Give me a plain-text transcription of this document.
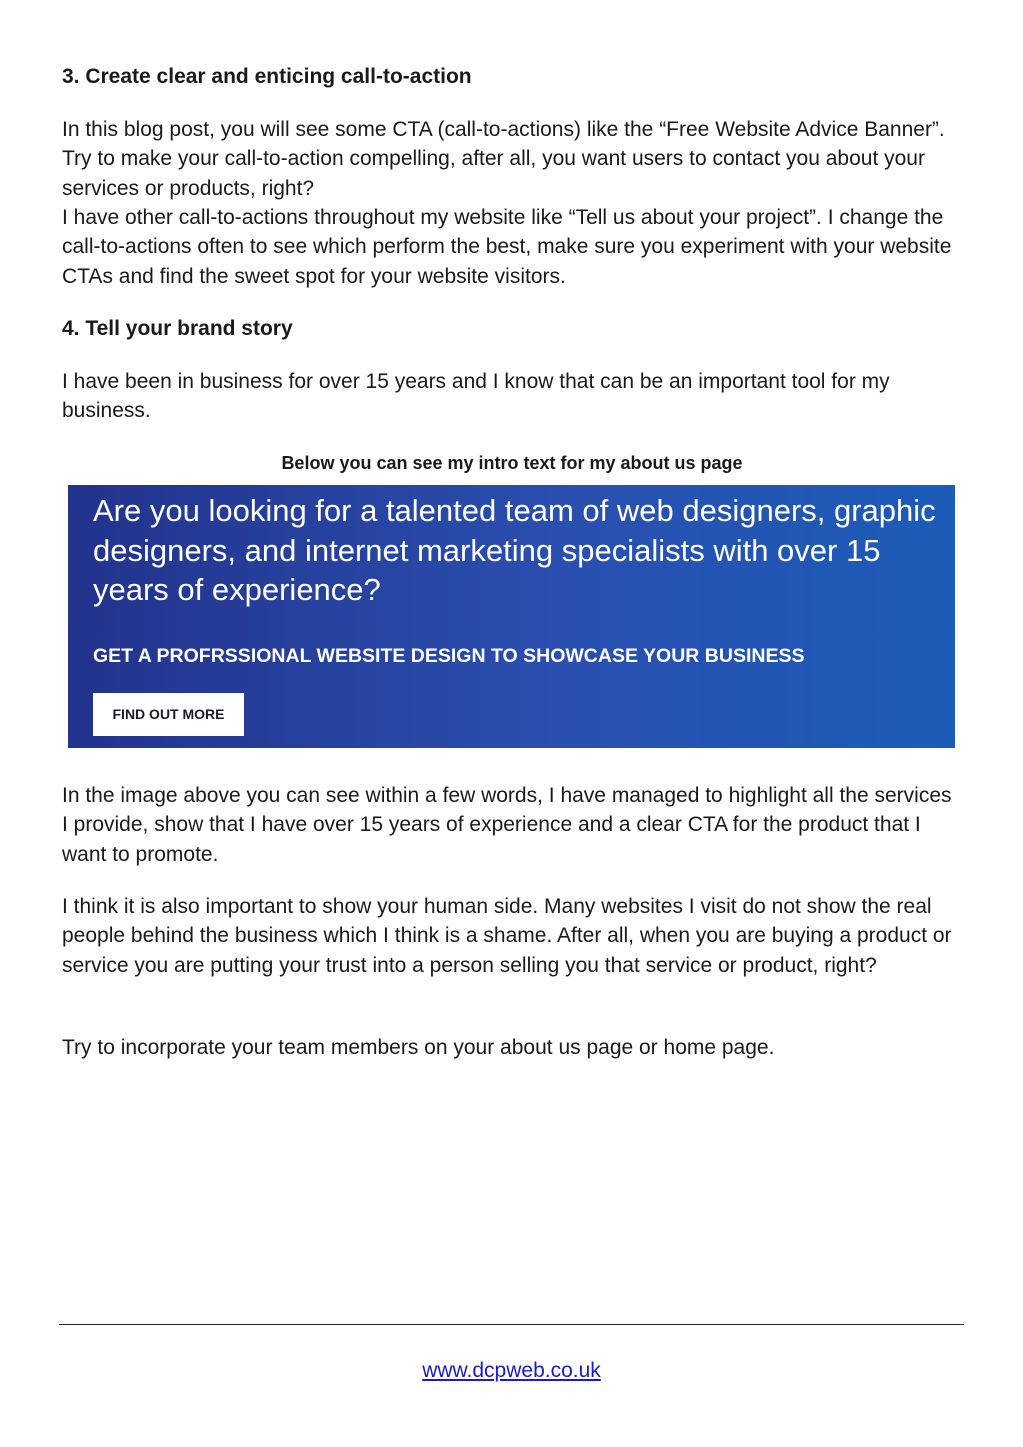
3. Create clear and enticing call-to-action

In this blog post, you will see some CTA (call-to-actions) like the “Free Website Advice Banner”. Try to make your call-to-action compelling, after all, you want users to contact you about your services or products, right?

I have other call-to-actions throughout my website like “Tell us about your project”. I change the call-to-actions often to see which perform the best, make sure you experiment with your website CTAs and find the sweet spot for your website visitors.

4. Tell your brand story

I have been in business for over 15 years and I know that can be an important tool for my business.

Below you can see my intro text for my about us page

In the image above you can see within a few words, I have managed to highlight all the services I provide, show that I have over 15 years of experience and a clear CTA for the product that I want to promote.

I think it is also important to show your human side. Many websites I visit do not show the real people behind the business which I think is a shame. After all, when you are buying a product or service you are putting your trust into a person selling you that service or product, right?

Try to incorporate your team members on your about us page or home page.

Are you looking for a talented team of web designers, graphic designers, and internet marketing specialists with over 15 years of experience?

GET A PROFRSSIONAL WEBSITE DESIGN TO SHOWCASE YOUR BUSINESS

FIND OUT MORE
www.dcpweb.co.uk
